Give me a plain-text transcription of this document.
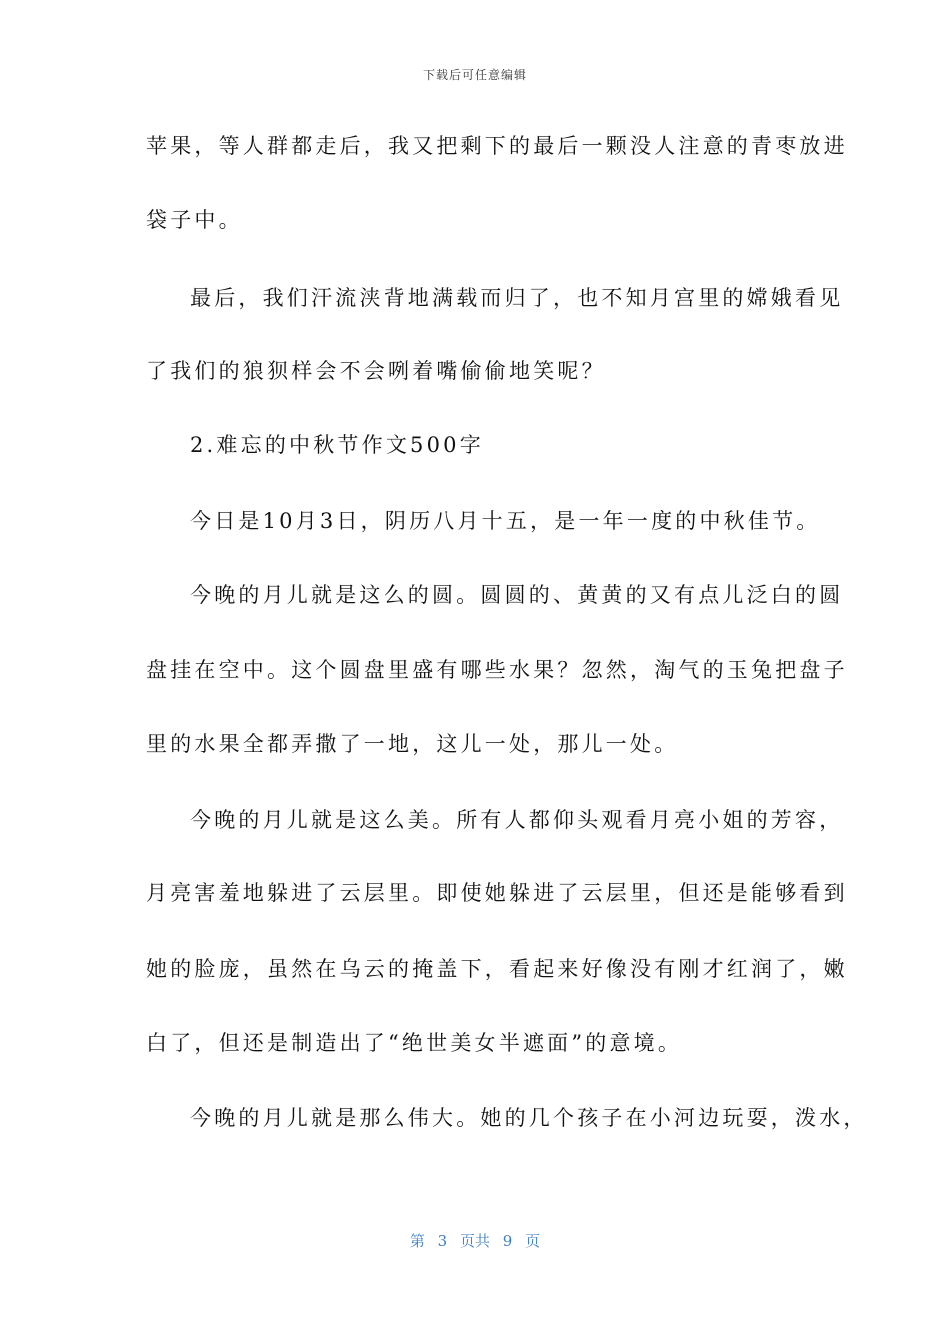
下载后可任意编辑
苹果，等人群都走后，我又把剩下的最后一颗没人注意的青枣放进
袋子中。
最后，我们汗流浃背地满载而归了，也不知月宫里的嫦娥看见
了我们的狼狈样会不会咧着嘴偷偷地笑呢？
2.难忘的中秋节作文500字
今日是10月3日，阴历八月十五，是一年一度的中秋佳节。
今晚的月儿就是这么的圆。圆圆的、黄黄的又有点儿泛白的圆
盘挂在空中。这个圆盘里盛有哪些水果？忽然，淘气的玉兔把盘子
里的水果全都弄撒了一地，这儿一处，那儿一处。
今晚的月儿就是这么美。所有人都仰头观看月亮小姐的芳容，
月亮害羞地躲进了云层里。即使她躲进了云层里，但还是能够看到
她的脸庞，虽然在乌云的掩盖下，看起来好像没有刚才红润了，嫩
白了，但还是制造出了“绝世美女半遮面”的意境。
今晚的月儿就是那么伟大。她的几个孩子在小河边玩耍，泼水，
第 3 页共 9 页
